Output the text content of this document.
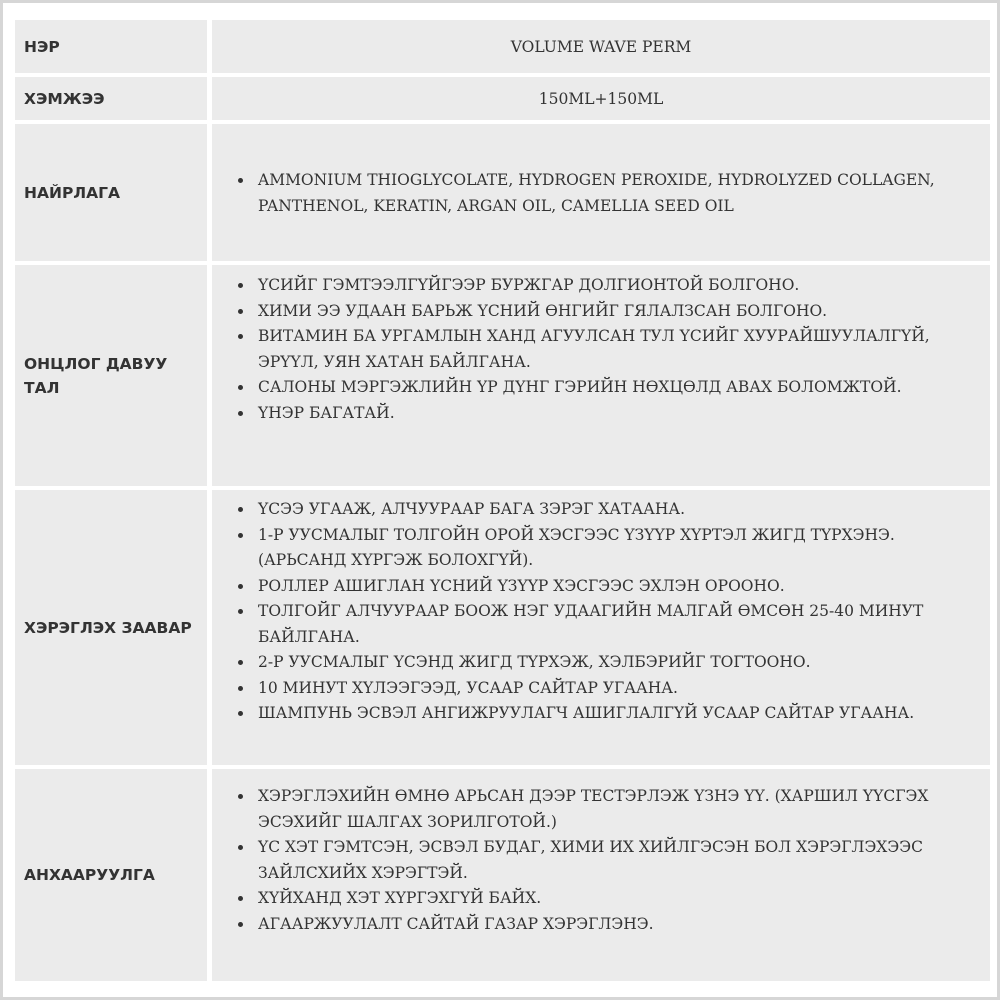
НЭР	VOLUME WAVE PERM
ХЭМЖЭЭ	150ML+150ML
НАЙРЛАГА
AMMONIUM THIOGLYCOLATE, HYDROGEN PEROXIDE, HYDROLYZED COLLAGEN, PANTHENOL, KERATIN, ARGAN OIL, CAMELLIA SEED OIL
ОНЦЛОГ ДАВУУ ТАЛ
ҮСИЙГ ГЭМТЭЭЛГҮЙГЭЭР БУРЖГАР ДОЛГИОНТОЙ БОЛГОНО.
ХИМИ ЭЭ УДААН БАРЬЖ ҮСНИЙ ӨНГИЙГ ГЯЛАЛЗСАН БОЛГОНО.
ВИТАМИН БА УРГАМЛЫН ХАНД АГУУЛСАН ТУЛ ҮСИЙГ ХУУРАЙШУУЛАЛГҮЙ, ЭРҮҮЛ, УЯН ХАТАН БАЙЛГАНА.
САЛОНЫ МЭРГЭЖЛИЙН ҮР ДҮНГ ГЭРИЙН НӨХЦӨЛД АВАХ БОЛОМЖТОЙ.
ҮНЭР БАГАТАЙ.
ХЭРЭГЛЭХ ЗААВАР
ҮСЭЭ УГААЖ, АЛЧУУРААР БАГА ЗЭРЭГ ХАТААНА.
1-Р УУСМАЛЫГ ТОЛГОЙН ОРОЙ ХЭСГЭЭС ҮЗҮҮР ХҮРТЭЛ ЖИГД ТҮРХЭНЭ. (АРЬСАНД ХҮРГЭЖ БОЛОХГҮЙ).
РОЛЛЕР АШИГЛАН ҮСНИЙ ҮЗҮҮР ХЭСГЭЭС ЭХЛЭН ОРООНО.
ТОЛГОЙГ АЛЧУУРААР БООЖ НЭГ УДААГИЙН МАЛГАЙ ӨМСӨН 25-40 МИНУТ БАЙЛГАНА.
2-Р УУСМАЛЫГ ҮСЭНД ЖИГД ТҮРХЭЖ, ХЭЛБЭРИЙГ ТОГТООНО.
10 МИНУТ ХҮЛЭЭГЭЭД, УСААР САЙТАР УГААНА.
ШАМПУНЬ ЭСВЭЛ АНГИЖРУУЛАГЧ АШИГЛАЛГҮЙ УСААР САЙТАР УГААНА.
АНХААРУУЛГА
ХЭРЭГЛЭХИЙН ӨМНӨ АРЬСАН ДЭЭР ТЕСТЭРЛЭЖ ҮЗНЭ ҮҮ. (ХАРШИЛ ҮҮСГЭХ ЭСЭХИЙГ ШАЛГАХ ЗОРИЛГОТОЙ.)
ҮС ХЭТ ГЭМТСЭН, ЭСВЭЛ БУДАГ, ХИМИ ИХ ХИЙЛГЭСЭН БОЛ ХЭРЭГЛЭХЭЭС ЗАЙЛСХИЙХ ХЭРЭГТЭЙ.
ХҮЙХАНД ХЭТ ХҮРГЭХГҮЙ БАЙХ.
АГААРЖУУЛАЛТ САЙТАЙ ГАЗАР ХЭРЭГЛЭНЭ.
